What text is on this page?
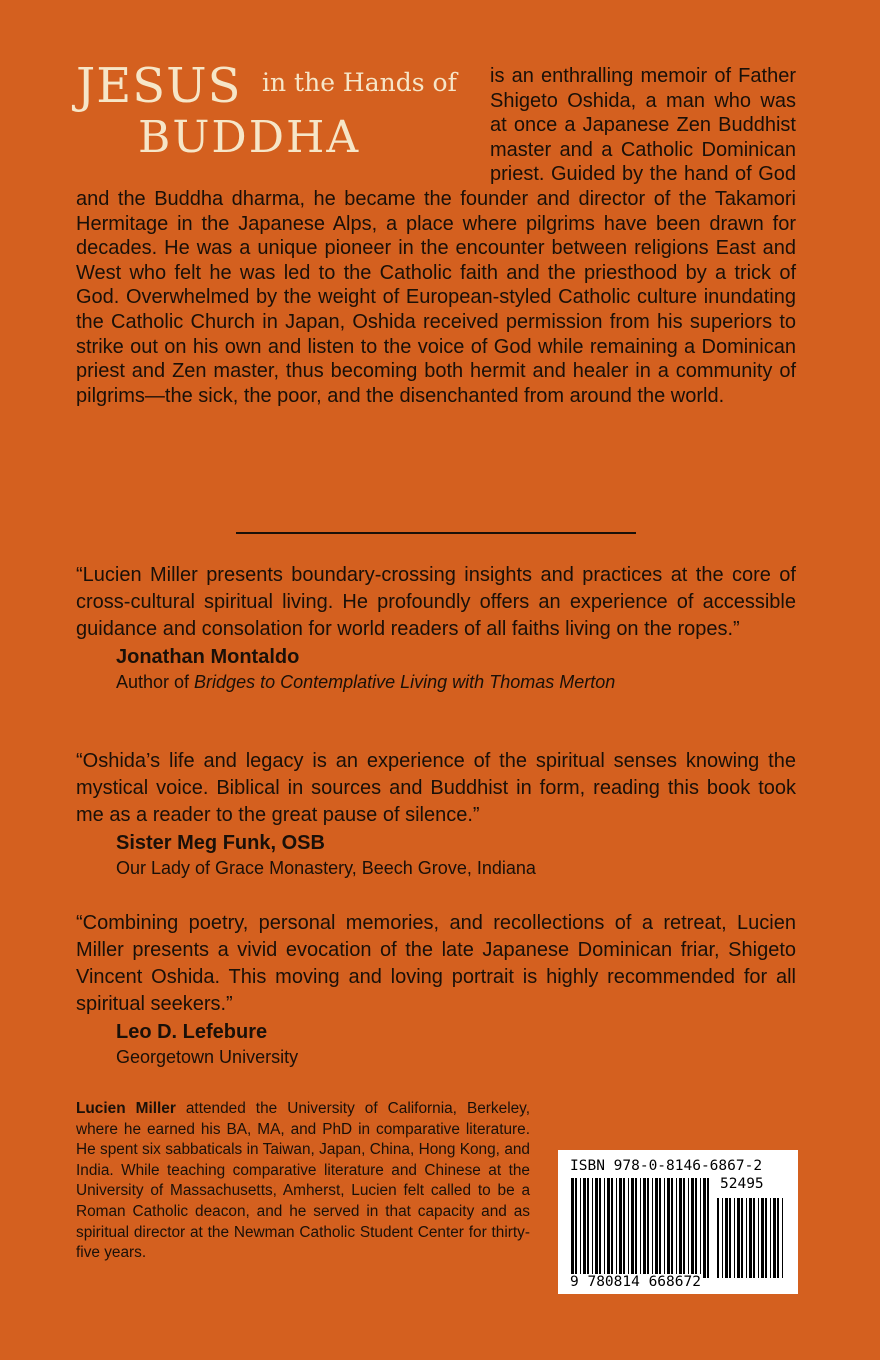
JESUS in the Hands of
BUDDHA

is an enthralling memoir of Father Shigeto Oshida, a man who was at once a Japanese Zen Buddhist master and a Catholic Dominican priest. Guided by the hand of God and the Buddha dharma, he became the founder and director of the Takamori Hermitage in the Japanese Alps, a place where pilgrims have been drawn for decades. He was a unique pioneer in the encounter between religions East and West who felt he was led to the Catholic faith and the priesthood by a trick of God. Overwhelmed by the weight of European-styled Catholic culture inundating the Catholic Church in Japan, Oshida received permission from his superiors to strike out on his own and listen to the voice of God while remaining a Dominican priest and Zen master, thus becoming both hermit and healer in a community of pilgrims—the sick, the poor, and the disenchanted from around the world.

“Lucien Miller presents boundary-crossing insights and practices at the core of cross-cultural spiritual living. He profoundly offers an experience of accessible guidance and consolation for world readers of all faiths living on the ropes.”

Jonathan Montaldo
Author of Bridges to Contemplative Living with Thomas Merton

“Oshida’s life and legacy is an experience of the spiritual senses knowing the mystical voice. Biblical in sources and Buddhist in form, reading this book took me as a reader to the great pause of silence.”

Sister Meg Funk, OSB
Our Lady of Grace Monastery, Beech Grove, Indiana

“Combining poetry, personal memories, and recollections of a retreat, Lucien Miller presents a vivid evocation of the late Japanese Dominican friar, Shigeto Vincent Oshida. This moving and loving portrait is highly recommended for all spiritual seekers.”

Leo D. Lefebure
Georgetown University

Lucien Miller attended the University of California, Berkeley, where he earned his BA, MA, and PhD in comparative literature. He spent six sabbaticals in Taiwan, Japan, China, Hong Kong, and India. While teaching comparative literature and Chinese at the University of Massachusetts, Amherst, Lucien felt called to be a Roman Catholic deacon, and he served in that capacity and as spiritual director at the Newman Catholic Student Center for thirty-five years.

ISBN 978-0-8146-6867-2
52495
9 780814 668672
